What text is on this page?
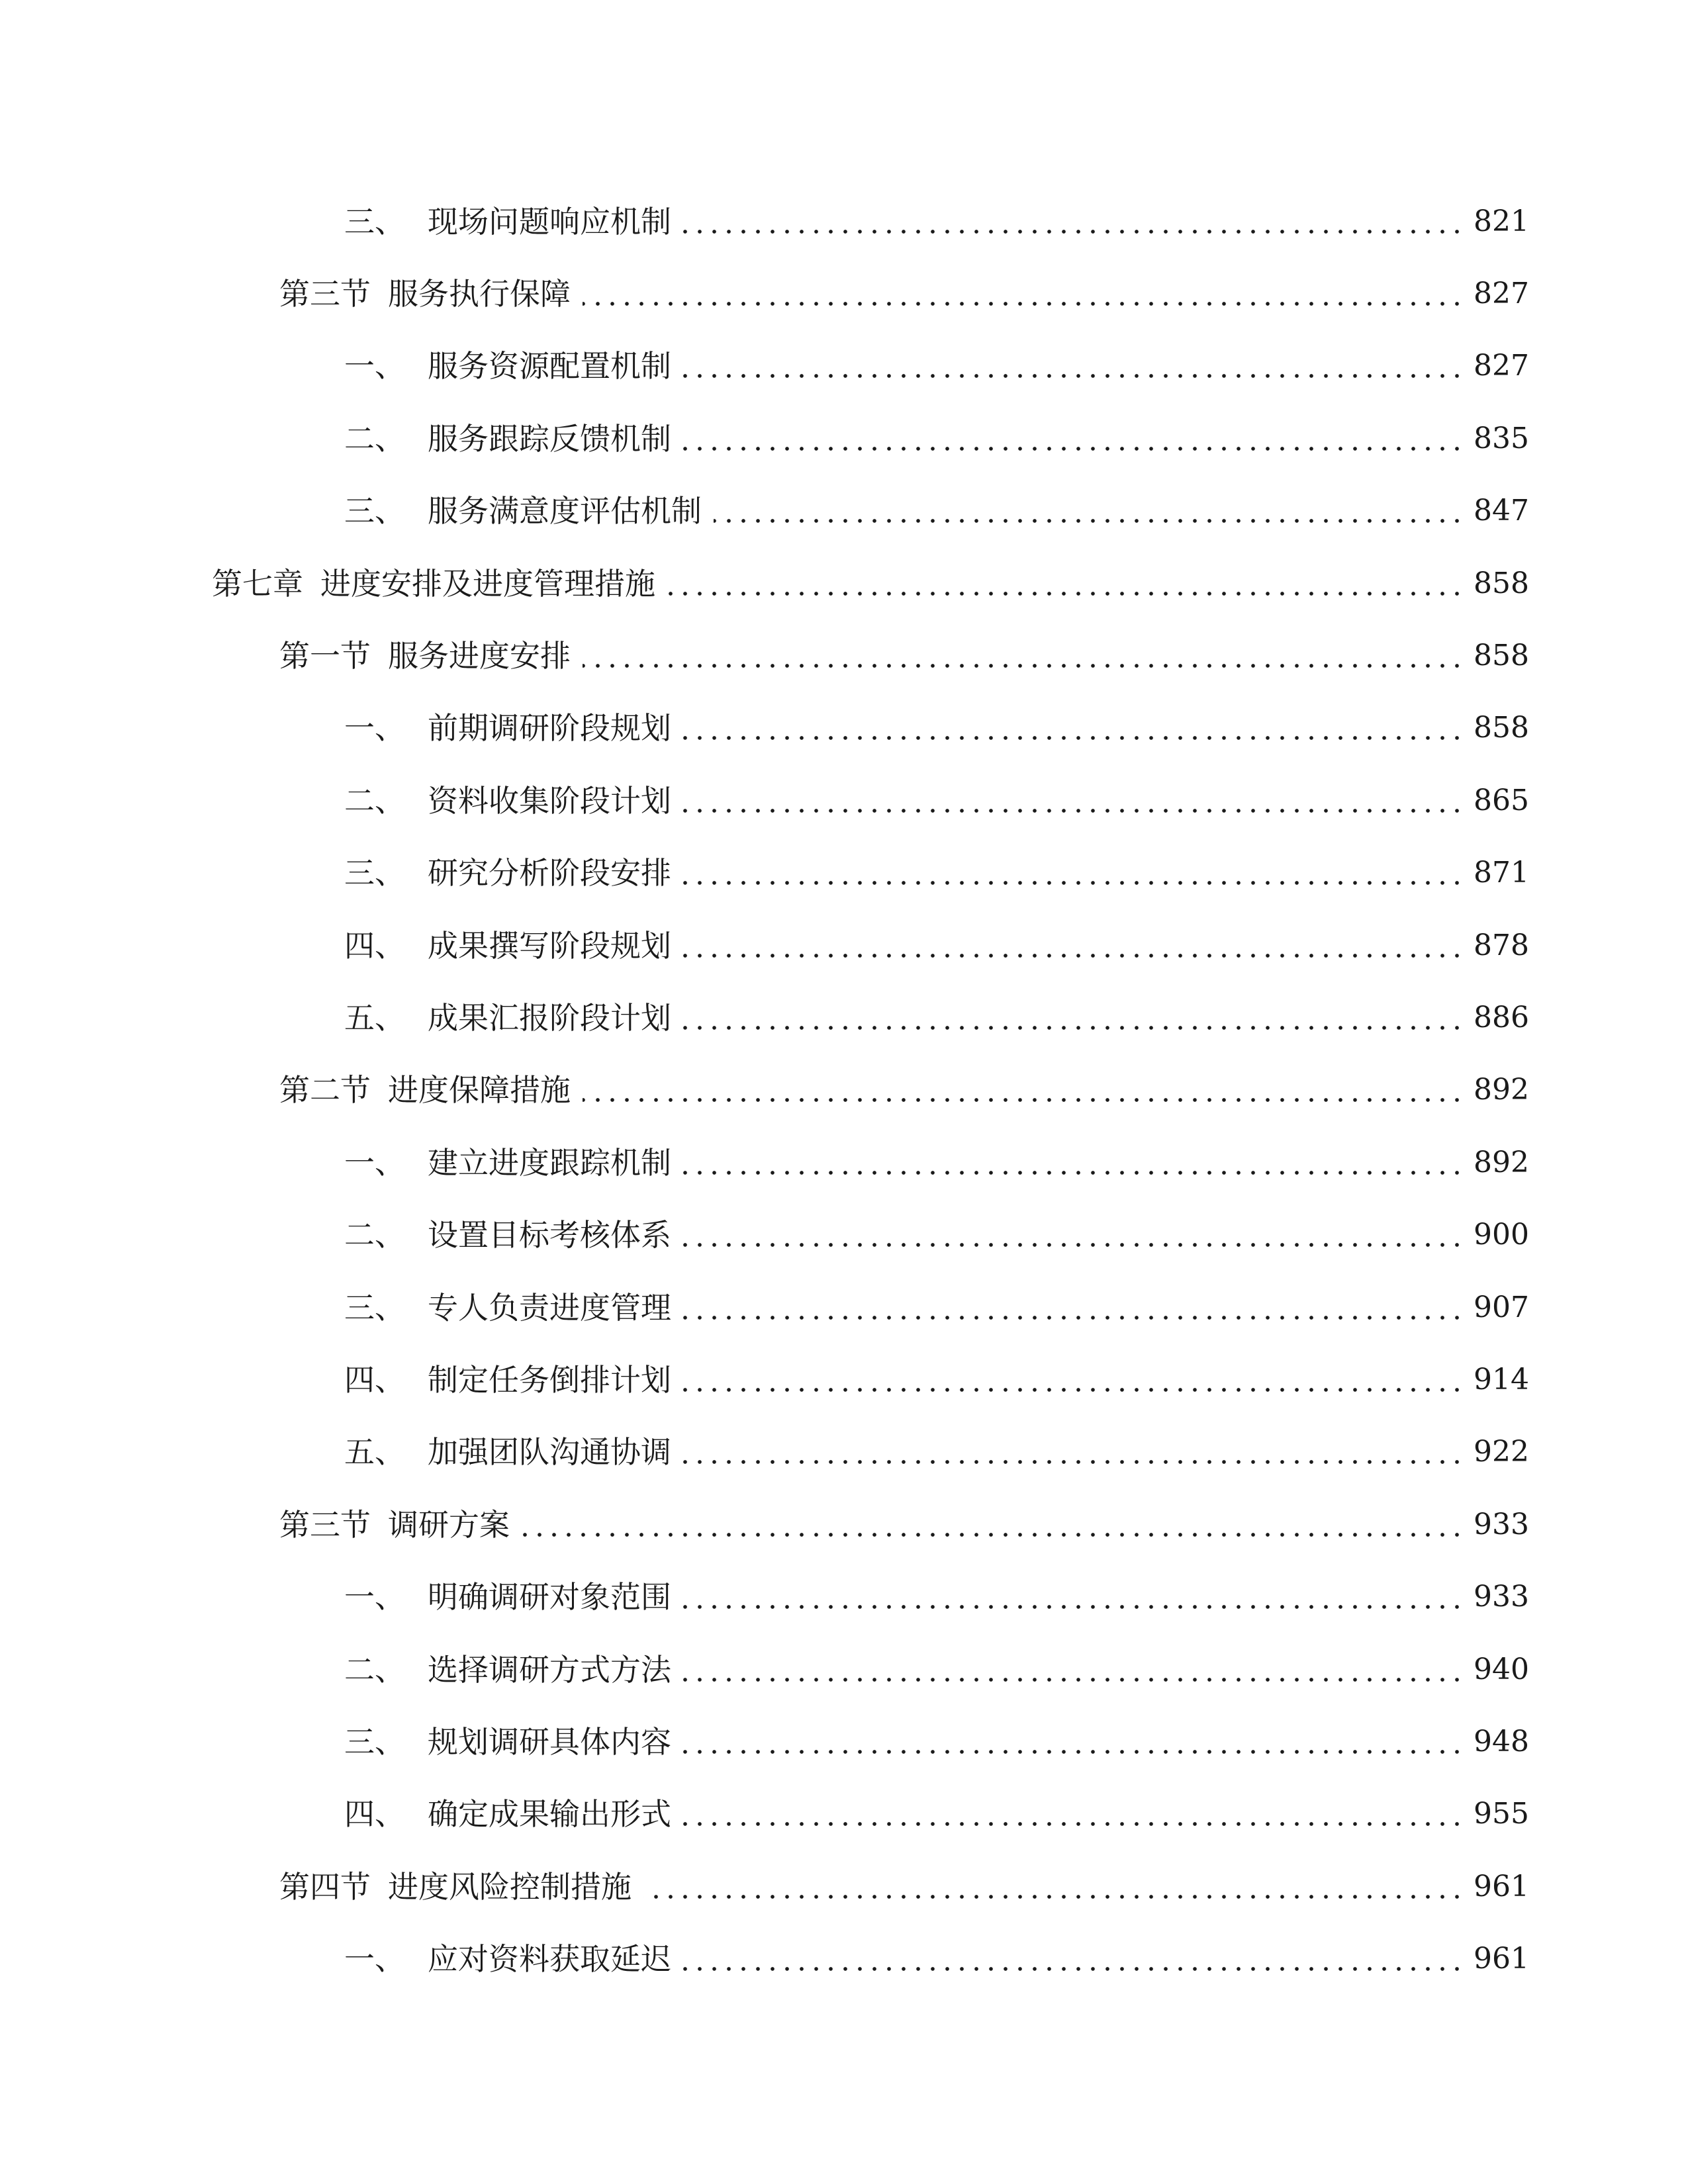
三、 现场问题响应机制	821
第三节 服务执行保障	827
一、 服务资源配置机制	827
二、 服务跟踪反馈机制	835
三、 服务满意度评估机制	847
第七章 进度安排及进度管理措施	858
第一节 服务进度安排	858
一、 前期调研阶段规划	858
二、 资料收集阶段计划	865
三、 研究分析阶段安排	871
四、 成果撰写阶段规划	878
五、 成果汇报阶段计划	886
第二节 进度保障措施	892
一、 建立进度跟踪机制	892
二、 设置目标考核体系	900
三、 专人负责进度管理	907
四、 制定任务倒排计划	914
五、 加强团队沟通协调	922
第三节 调研方案	933
一、 明确调研对象范围	933
二、 选择调研方式方法	940
三、 规划调研具体内容	948
四、 确定成果输出形式	955
第四节 进度风险控制措施	961
一、 应对资料获取延迟	961
